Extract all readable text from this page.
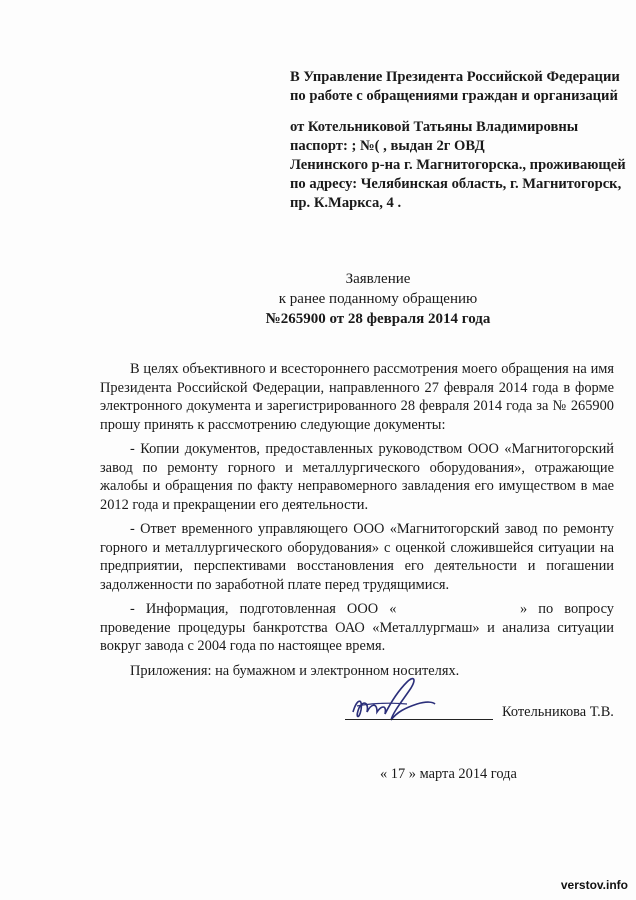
В Управление Президента Российской Федерации
по работе с обращениями граждан и организаций
от Котельниковой Татьяны Владимировны
паспорт: ; №( , выдан 2г ОВД
Ленинского р-на г. Магнитогорска., проживающей
по адресу: Челябинская область, г. Магнитогорск,
пр. К.Маркса, 4 .
Заявление
к ранее поданному обращению
№265900 от 28 февраля 2014 года

В целях объективного и всестороннего рассмотрения моего обращения на имя Президента Российской Федерации, направленного 27 февраля 2014 года в форме электронного документа и зарегистрированного 28 февраля 2014 года за № 265900 прошу принять к рассмотрению следующие документы:

- Копии документов, предоставленных руководством ООО «Магнитогорский завод по ремонту горного и металлургического оборудования», отражающие жалобы и обращения по факту неправомерного завладения его имуществом в мае 2012 года и прекращении его деятельности.

- Ответ временного управляющего ООО «Магнитогорский завод по ремонту горного и металлургического оборудования» с оценкой сложившейся ситуации на предприятии, перспективами восстановления его деятельности и погашении задолженности по заработной плате перед трудящимися.

- Информация, подготовленная ООО «	» по вопросу проведение процедуры банкротства ОАО «Металлургмаш» и анализа ситуации вокруг завода с 2004 года по настоящее время.

Приложения: на бумажном и электронном носителях.

Котельникова Т.В.
« 17 » марта 2014 года
verstov.info
